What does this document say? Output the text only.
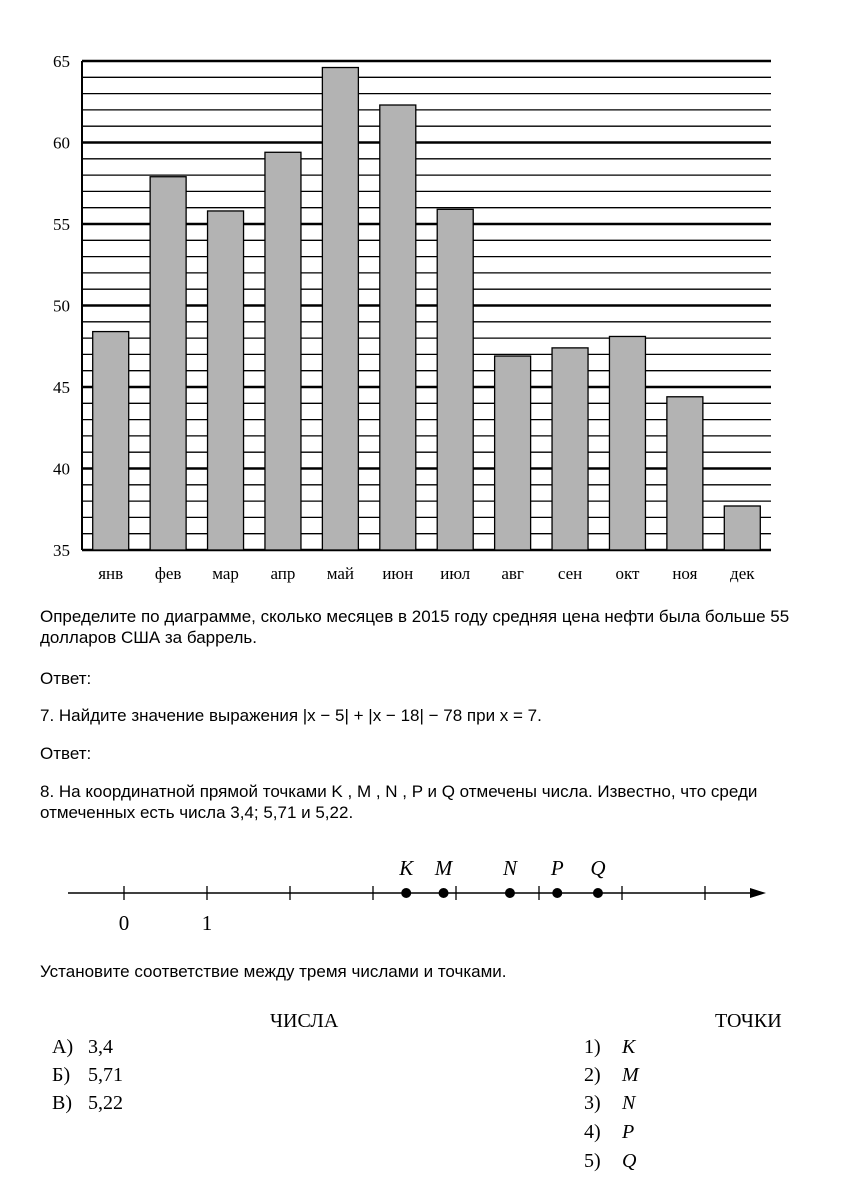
янв фев мар апр май июн июл авг сен окт ноя дек
35
40
45
50
55
60
65

Определите по диаграмме, сколько месяцев в 2015 году средняя цена нефти была больше 55 долларов США за баррель.

Ответ:

7. Найдите значение выражения |x − 5| + |x − 18| − 78 при x = 7.

Ответ:

8. На координатной прямой точками K , M , N , P и Q отмечены числа. Известно, что среди отмеченных есть числа 3,4; 5,71 и 5,22.

0	1
K M N P Q

Установите соответствие между тремя числами и точками.

ЧИСЛА	ТОЧКИ
А) 3,4
Б) 5,71
В) 5,22
1) K
2) M
3) N
4) P
5) Q
